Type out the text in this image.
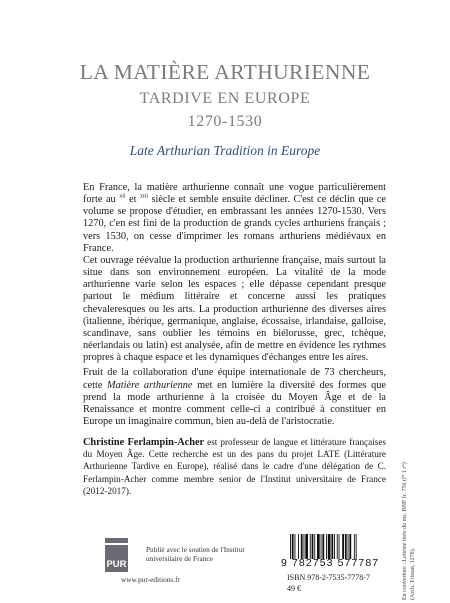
LA MATIÈRE ARTHURIENNE
TARDIVE EN EUROPE
1270-1530
Late Arthurian Tradition in Europe

En France, la matière arthurienne connaît une vogue particulièrement forte au $^{xii}$ et $^{xiii}$ siècle et semble ensuite décliner. C'est ce déclin que ce volume se propose d'étudier, en embrassant les années 1270-1530. Vers 1270, c'en est fini de la production de grands cycles arthuriens français ; vers 1530, on cesse d'imprimer les romans arthuriens médiévaux en France.

Cet ouvrage réévalue la production arthurienne française, mais surtout la situe dans son environnement européen. La vitalité de la mode arthurienne varie selon les espaces ; elle dépasse cependant presque partout le médium littéraire et concerne aussi les pratiques chevaleresques ou les arts. La production arthurienne des diverses aires (italienne, ibérique, germanique, anglaise, écossaise, irlandaise, galloise, scandinave, sans oublier les témoins en biélorusse, grec, tchèque, néerlandais ou latin) est analysée, afin de mettre en évidence les rythmes propres à chaque espace et les dynamiques d'échanges entre les aires.

Fruit de la collaboration d'une équipe internationale de 73 chercheurs, cette Matière arthurienne met en lumière la diversité des formes que prend la mode arthurienne à la croisée du Moyen Âge et de la Renaissance et montre comment celle-ci a contribué à constituer en Europe un imaginaire commun, bien au-delà de l'aristocratie.

Christine Ferlampin-Acher est professeur de langue et littérature françaises du Moyen Âge. Cette recherche est un des pans du projet LATE (Littérature Arthurienne Tardive en Europe), réalisé dans le cadre d'une délégation de C. Ferlampin-Acher comme membre senior de l'Institut universitaire de France (2012-2017).

PUR
Publié avec le soutien de l'Institut universitaire de France
www.pur-editions.fr
9 782753 577787
ISBN 978-2-7535-7778-7
49 €	En couverture : Lettrine tirée du ms. BNF fr. 756 (f° 1 r°) (Arch. Tristan, 1278).
